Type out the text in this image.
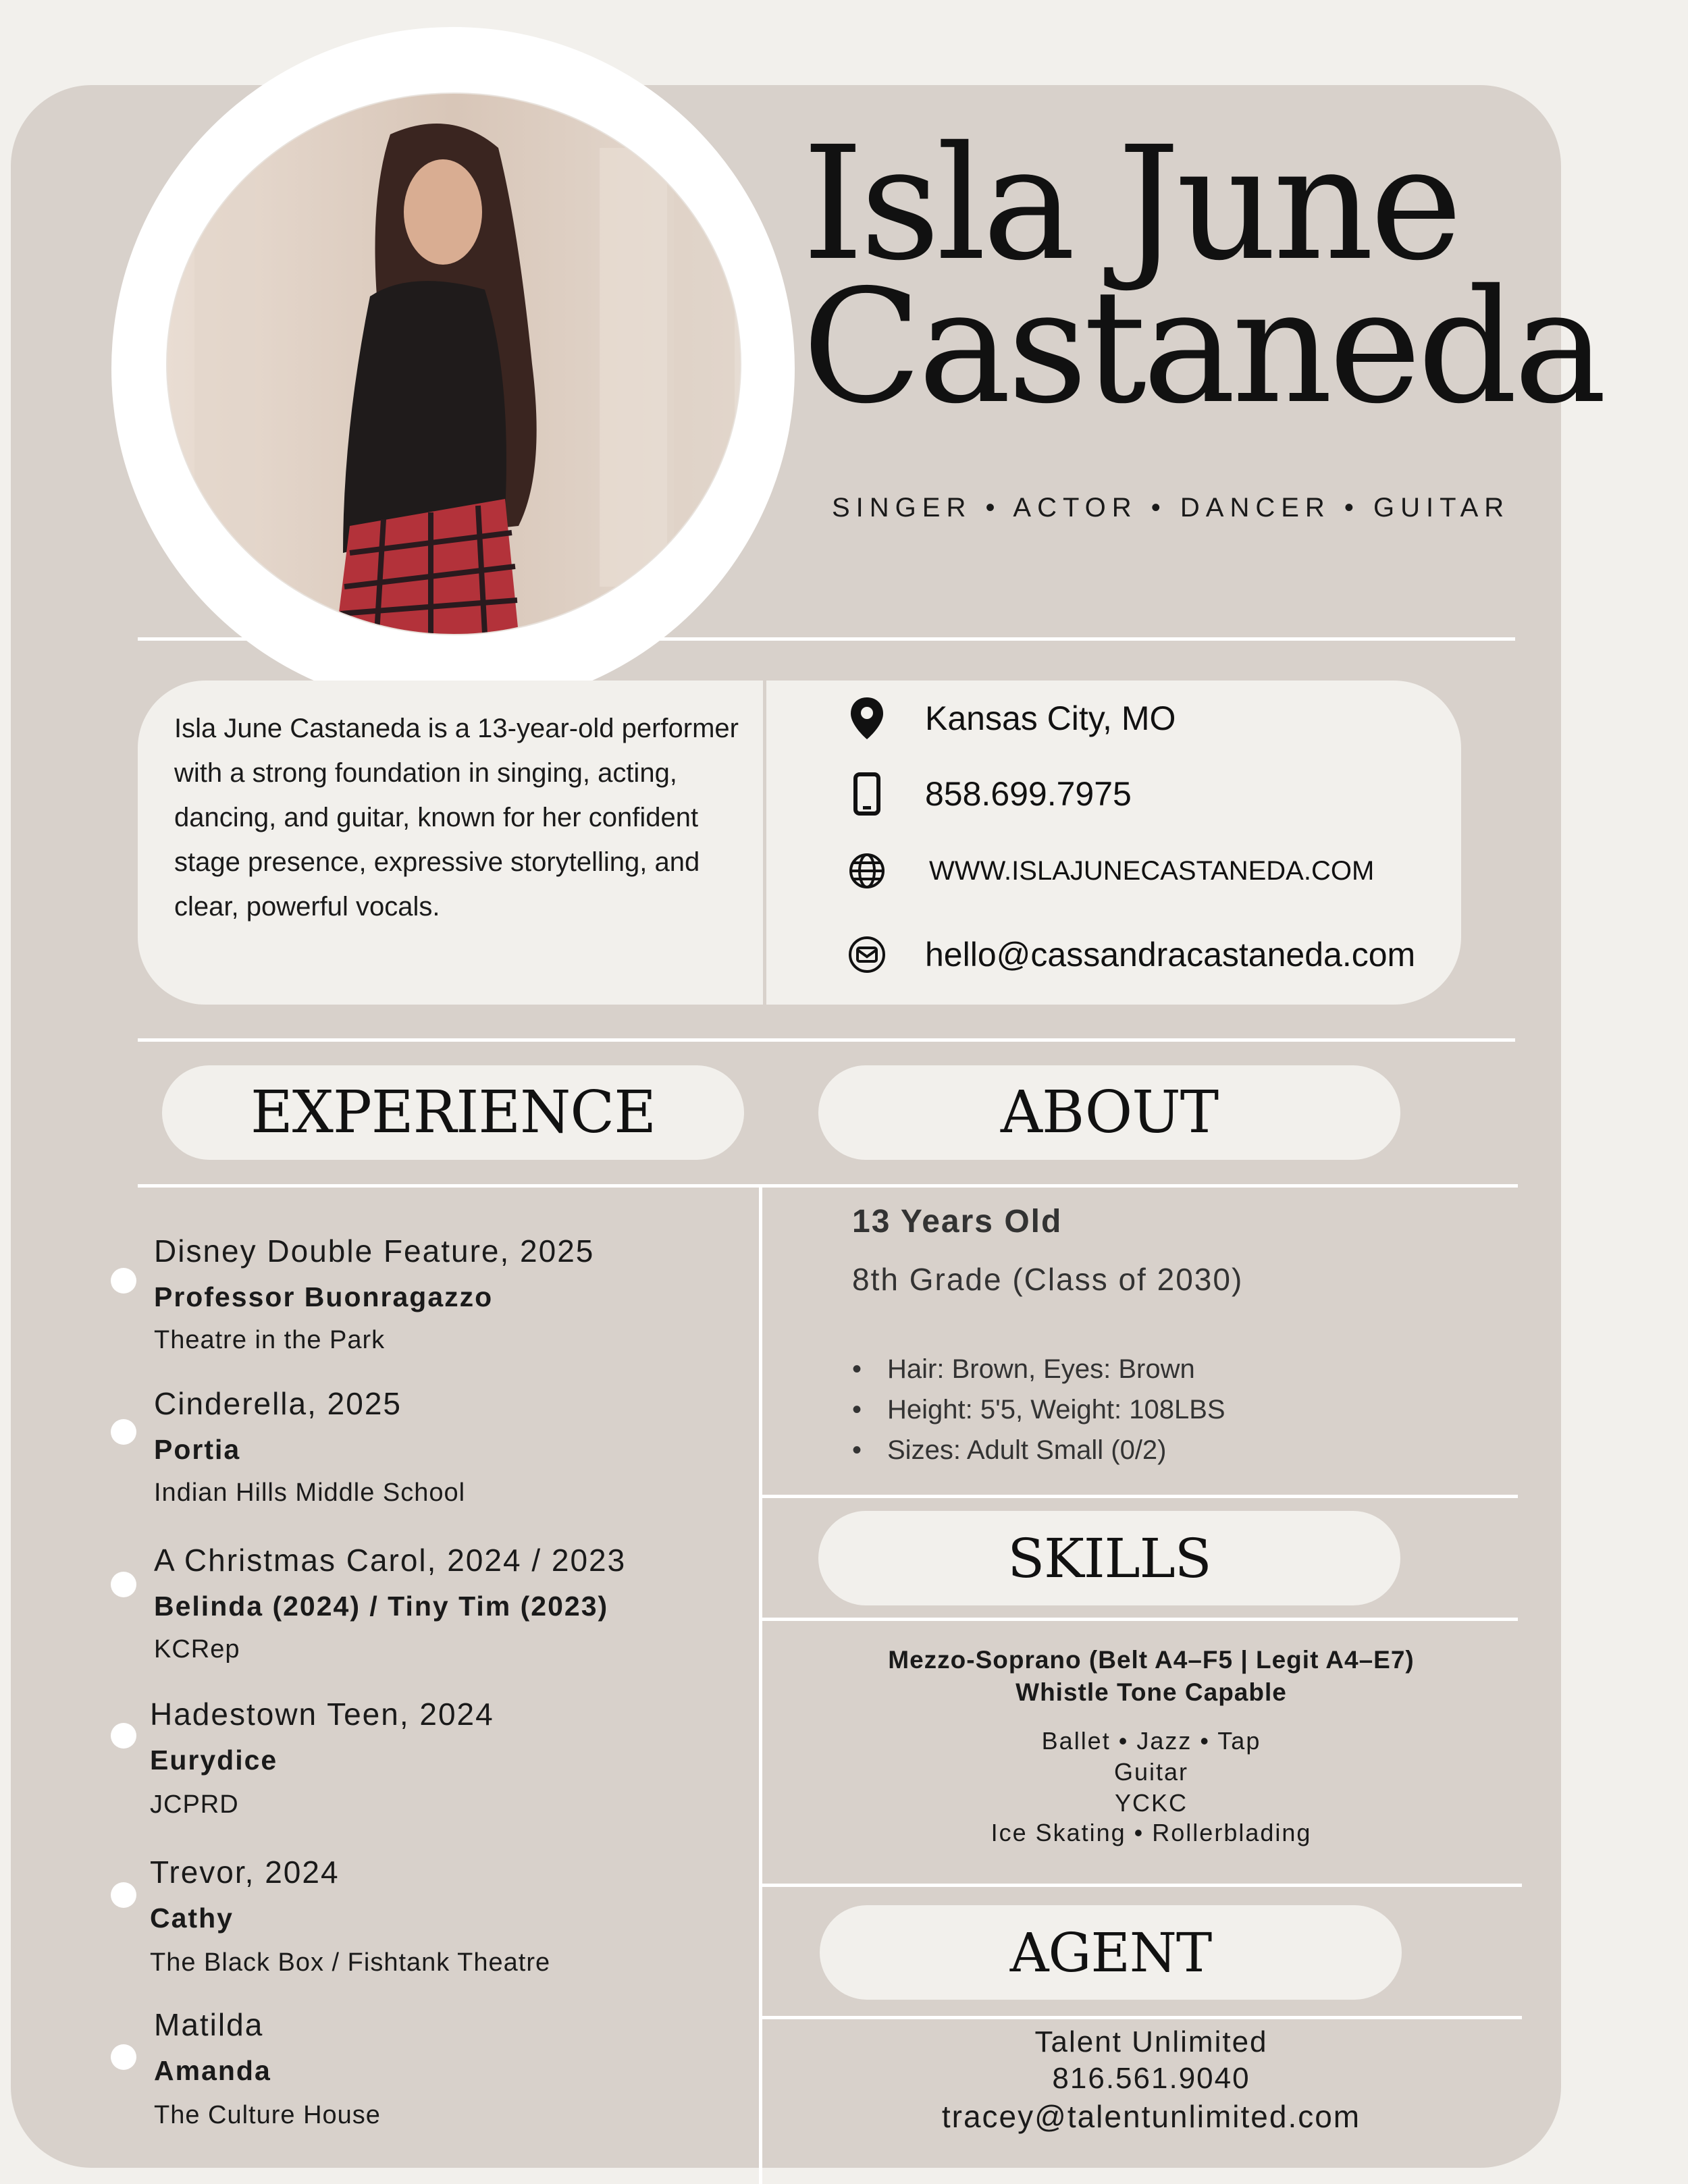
Isla June
Castaneda
SINGER • ACTOR • DANCER • GUITAR
Isla June Castaneda is a 13-year-old performer with a strong foundation in singing, acting, dancing, and guitar, known for her confident stage presence, expressive storytelling, and clear, powerful vocals.
Kansas City, MO
858.699.7975
WWW.ISLAJUNECASTANEDA.COM
hello@cassandracastaneda.com
EXPERIENCE	ABOUT
Disney Double Feature, 2025
Professor Buonragazzo
Theatre in the Park
Cinderella, 2025
Portia
Indian Hills Middle School
A Christmas Carol, 2024 / 2023
Belinda (2024) / Tiny Tim (2023)
KCRep
Hadestown Teen, 2024
Eurydice
JCPRD
Trevor, 2024
Cathy
The Black Box / Fishtank Theatre
Matilda
Amanda
The Culture House
13 Years Old
8th Grade (Class of 2030)
• Hair: Brown, Eyes: Brown
• Height: 5'5, Weight: 108LBS
• Sizes: Adult Small (0/2)
SKILLS
Mezzo-Soprano (Belt A4–F5 | Legit A4–E7)
Whistle Tone Capable
Ballet • Jazz • Tap
Guitar
YCKC
Ice Skating • Rollerblading
AGENT
Talent Unlimited
816.561.9040
tracey@talentunlimited.com
